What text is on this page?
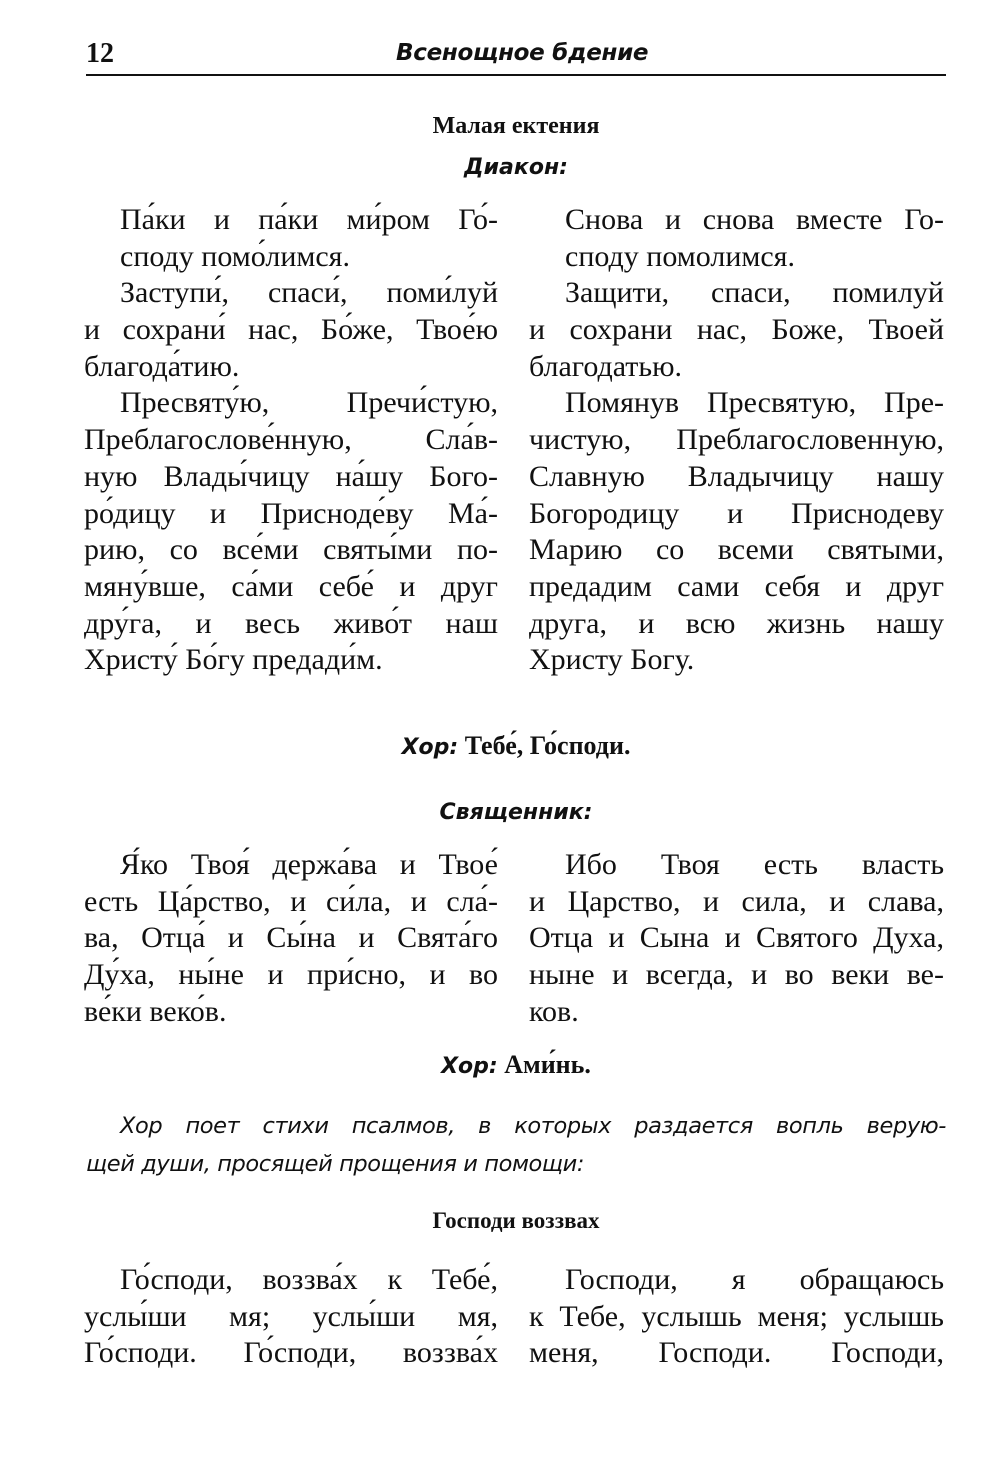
12	Всенощное бдение
Малая ектения
Диакон:
Па́ки и па́ки ми́ром Го́-
споду помо́лимся.
Снова и снова вместе Го-
споду помолимся.
Заступи́, спаси́, поми́луй
и сохрани́ нас, Бо́же, Твое́ю
благода́тию.
Защити, спаси, помилуй
и сохрани нас, Боже, Твоей
благодатью.
Пресвяту́ю, Пречи́стую,
Преблагослове́нную, Сла́в-
ную Влады́чицу на́шу Бого-
ро́дицу и Присноде́ву Ма́-
рию, со все́ми святы́ми по-
мяну́вше, са́ми себе́ и друг
дру́га, и весь живо́т наш
Христу́ Бо́гу предади́м.
Помянув Пресвятую, Пре-
чистую, Преблагословенную,
Славную Владычицу нашу
Богородицу и Приснодеву
Марию со всеми святыми,
предадим сами себя и друг
друга, и всю жизнь нашу
Христу Богу.
Хор: Тебе́, Го́споди.
Священник:
Я́ко Твоя́ держа́ва и Твое́
есть Ца́рство, и си́ла, и сла́-
ва, Отца́ и Сы́на и Свята́го
Ду́ха, ны́не и при́сно, и во
ве́ки веко́в.
Ибо Твоя есть власть
и Царство, и сила, и слава,
Отца и Сына и Святого Духа,
ныне и всегда, и во веки ве-
ков.
Хор: Ами́нь.
Хор поет стихи псалмов, в которых раздается вопль верую-
щей души, просящей прощения и помощи:
Господи воззвах
Го́споди, воззва́х к Тебе́,
услы́ши мя; услы́ши мя,
Го́споди. Го́споди, воззва́х
Господи, я обращаюсь
к Тебе, услышь меня; услышь
меня, Господи. Господи,
